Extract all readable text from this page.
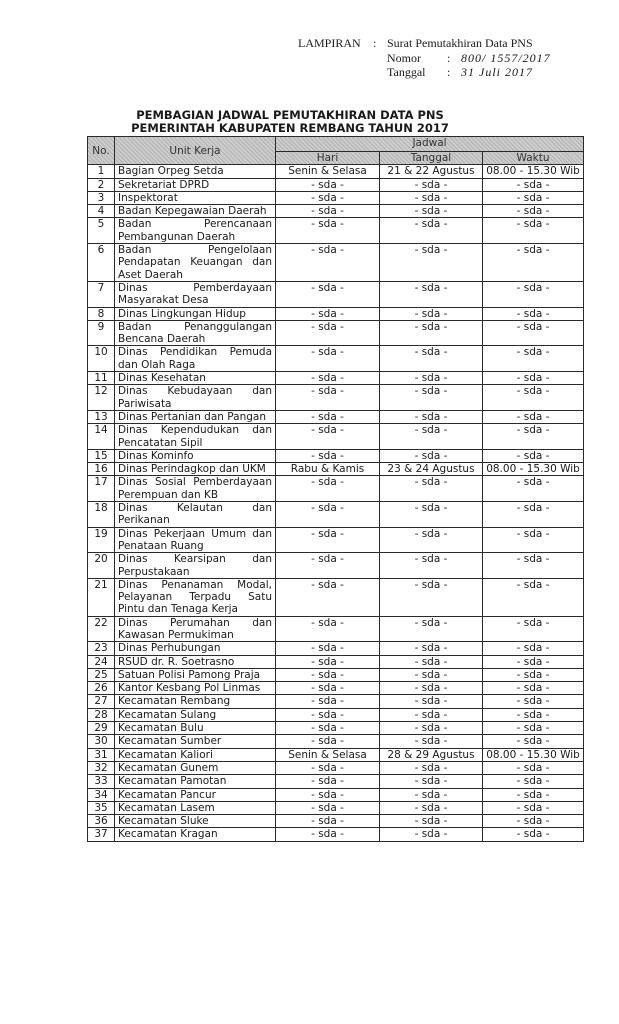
LAMPIRAN	: Surat Pemutakhiran Data PNS
Nomor	: 800/ 1557/2017
Tanggal	: 31 Juli 2017
PEMBAGIAN JADWAL PEMUTAKHIRAN DATA PNS
PEMERINTAH KABUPATEN REMBANG TAHUN 2017
No.	Unit Kerja	Jadwal		
		Hari	Tanggal	Waktu
1	Bagian Orpeg Setda	Senin & Selasa	21 & 22 Agustus	08.00 - 15.30 Wib
2	Sekretariat DPRD	- sda -	- sda -	- sda -
3	Inspektorat	- sda -	- sda -	- sda -
4	Badan Kepegawaian Daerah	- sda -	- sda -	- sda -
5	Badan Perencanaan Pembangunan Daerah	- sda -	- sda -	- sda -
6	Badan Pengelolaan Pendapatan Keuangan dan Aset Daerah	- sda -	- sda -	- sda -
7	Dinas Pemberdayaan Masyarakat Desa	- sda -	- sda -	- sda -
8	Dinas Lingkungan Hidup	- sda -	- sda -	- sda -
9	Badan Penanggulangan Bencana Daerah	- sda -	- sda -	- sda -
10	Dinas Pendidikan Pemuda dan Olah Raga	- sda -	- sda -	- sda -
11	Dinas Kesehatan	- sda -	- sda -	- sda -
12	Dinas Kebudayaan dan Pariwisata	- sda -	- sda -	- sda -
13	Dinas Pertanian dan Pangan	- sda -	- sda -	- sda -
14	Dinas Kependudukan dan Pencatatan Sipil	- sda -	- sda -	- sda -
15	Dinas Kominfo	- sda -	- sda -	- sda -
16	Dinas Perindagkop dan UKM	Rabu & Kamis	23 & 24 Agustus	08.00 - 15.30 Wib
17	Dinas Sosial Pemberdayaan Perempuan dan KB	- sda -	- sda -	- sda -
18	Dinas Kelautan dan Perikanan	- sda -	- sda -	- sda -
19	Dinas Pekerjaan Umum dan Penataan Ruang	- sda -	- sda -	- sda -
20	Dinas Kearsipan dan Perpustakaan	- sda -	- sda -	- sda -
21	Dinas Penanaman Modal, Pelayanan Terpadu Satu Pintu dan Tenaga Kerja	- sda -	- sda -	- sda -
22	Dinas Perumahan dan Kawasan Permukiman	- sda -	- sda -	- sda -
23	Dinas Perhubungan	- sda -	- sda -	- sda -
24	RSUD dr. R. Soetrasno	- sda -	- sda -	- sda -
25	Satuan Polisi Pamong Praja	- sda -	- sda -	- sda -
26	Kantor Kesbang Pol Linmas	- sda -	- sda -	- sda -
27	Kecamatan Rembang	- sda -	- sda -	- sda -
28	Kecamatan Sulang	- sda -	- sda -	- sda -
29	Kecamatan Bulu	- sda -	- sda -	- sda -
30	Kecamatan Sumber	- sda -	- sda -	- sda -
31	Kecamatan Kaliori	Senin & Selasa	28 & 29 Agustus	08.00 - 15.30 Wib
32	Kecamatan Gunem	- sda -	- sda -	- sda -
33	Kecamatan Pamotan	- sda -	- sda -	- sda -
34	Kecamatan Pancur	- sda -	- sda -	- sda -
35	Kecamatan Lasem	- sda -	- sda -	- sda -
36	Kecamatan Sluke	- sda -	- sda -	- sda -
37	Kecamatan Kragan	- sda -	- sda -	- sda -
